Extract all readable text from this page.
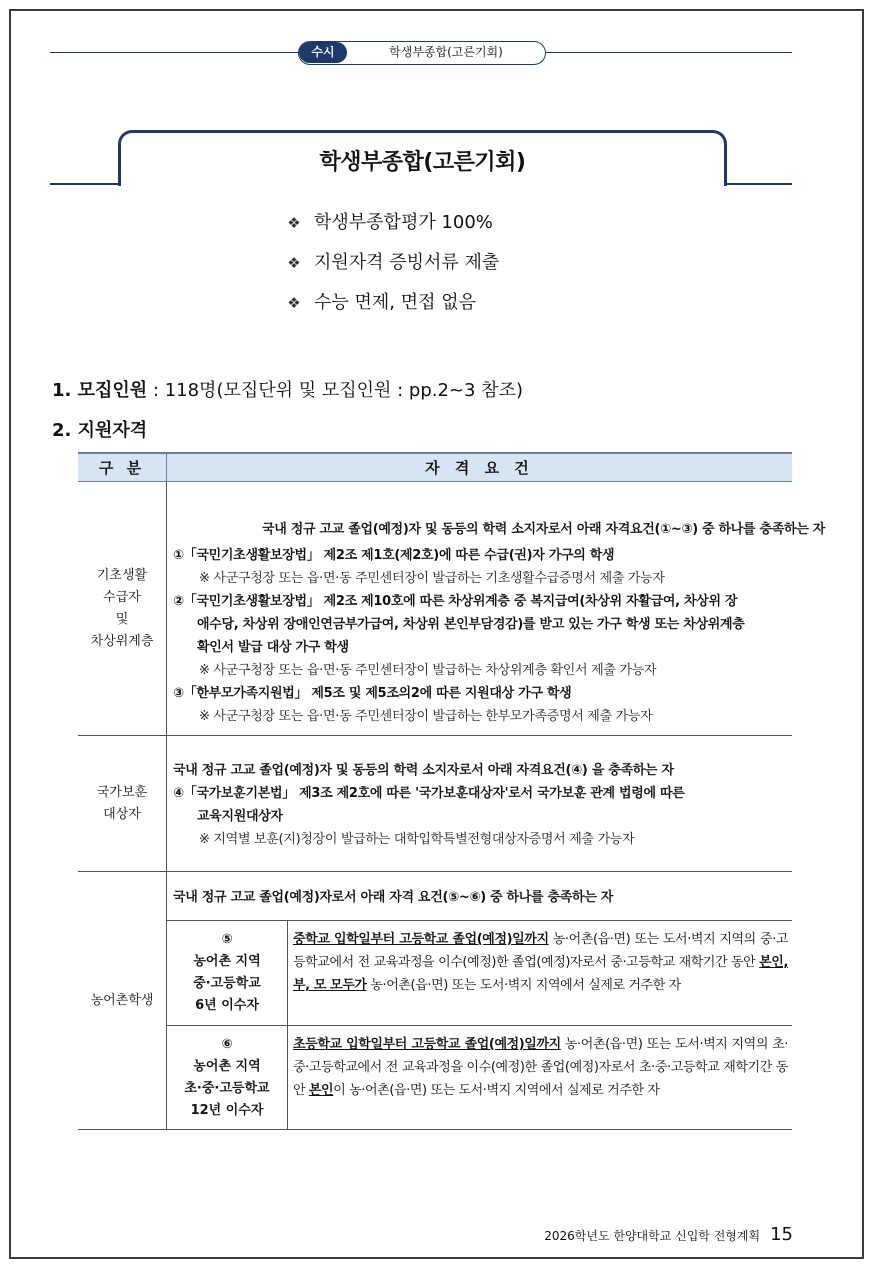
수시	학생부종합(고른기회)
학생부종합(고른기회)
❖ 학생부종합평가 100%
❖ 지원자격 증빙서류 제출
❖ 수능 면제, 면접 없음
1. 모집인원 : 118명(모집단위 및 모집인원 : pp.2~3 참조)
2. 지원자격
구 분	자 격 요 건
기초생활
수급자
및
차상위계층
국내 정규 고교 졸업(예정)자 및 동등의 학력 소지자로서 아래 자격요건(①~③) 중 하나를 충족하는 자
①「국민기초생활보장법」 제2조 제1호(제2호)에 따른 수급(권)자 가구의 학생
※ 사군구청장 또는 읍·면·동 주민센터장이 발급하는 기초생활수급증명서 제출 가능자
②「국민기초생활보장법」 제2조 제10호에 따른 차상위계층 중 복지급여(차상위 자활급여, 차상위 장
애수당, 차상위 장애인연금부가급여, 차상위 본인부담경감)를 받고 있는 가구 학생 또는 차상위계층
확인서 발급 대상 가구 학생
※ 사군구청장 또는 읍·면·동 주민센터장이 발급하는 차상위계층 확인서 제출 가능자
③「한부모가족지원법」 제5조 및 제5조의2에 따른 지원대상 가구 학생
※ 사군구청장 또는 읍·면·동 주민센터장이 발급하는 한부모가족증명서 제출 가능자
국가보훈
대상자
국내 정규 고교 졸업(예정)자 및 동등의 학력 소지자로서 아래 자격요건(④) 을 충족하는 자
④「국가보훈기본법」 제3조 제2호에 따른 '국가보훈대상자'로서 국가보훈 관계 법령에 따른
교육지원대상자
※ 지역별 보훈(지)청장이 발급하는 대학입학특별전형대상자증명서 제출 가능자
농어촌학생
국내 정규 고교 졸업(예정)자로서 아래 자격 요건(⑤~⑥) 중 하나를 충족하는 자
⑤
농어촌 지역
중·고등학교
6년 이수자
중학교 입학일부터 고등학교 졸업(예정)일까지 농·어촌(읍·면) 또는 도서·벽지 지역의 중·고등학교에서 전 교육과정을 이수(예정)한 졸업(예정)자로서 중·고등학교 재학기간 동안 본인, 부, 모 모두가 농·어촌(읍·면) 또는 도서·벽지 지역에서 실제로 거주한 자
⑥
농어촌 지역
초·중·고등학교
12년 이수자
초등학교 입학일부터 고등학교 졸업(예정)일까지 농·어촌(읍·면) 또는 도서·벽지 지역의 초·중·고등학교에서 전 교육과정을 이수(예정)한 졸업(예정)자로서 초·중·고등학교 재학기간 동안 본인이 농·어촌(읍·면) 또는 도서·벽지 지역에서 실제로 거주한 자
2026학년도 한양대학교 신입학 전형계획 15
